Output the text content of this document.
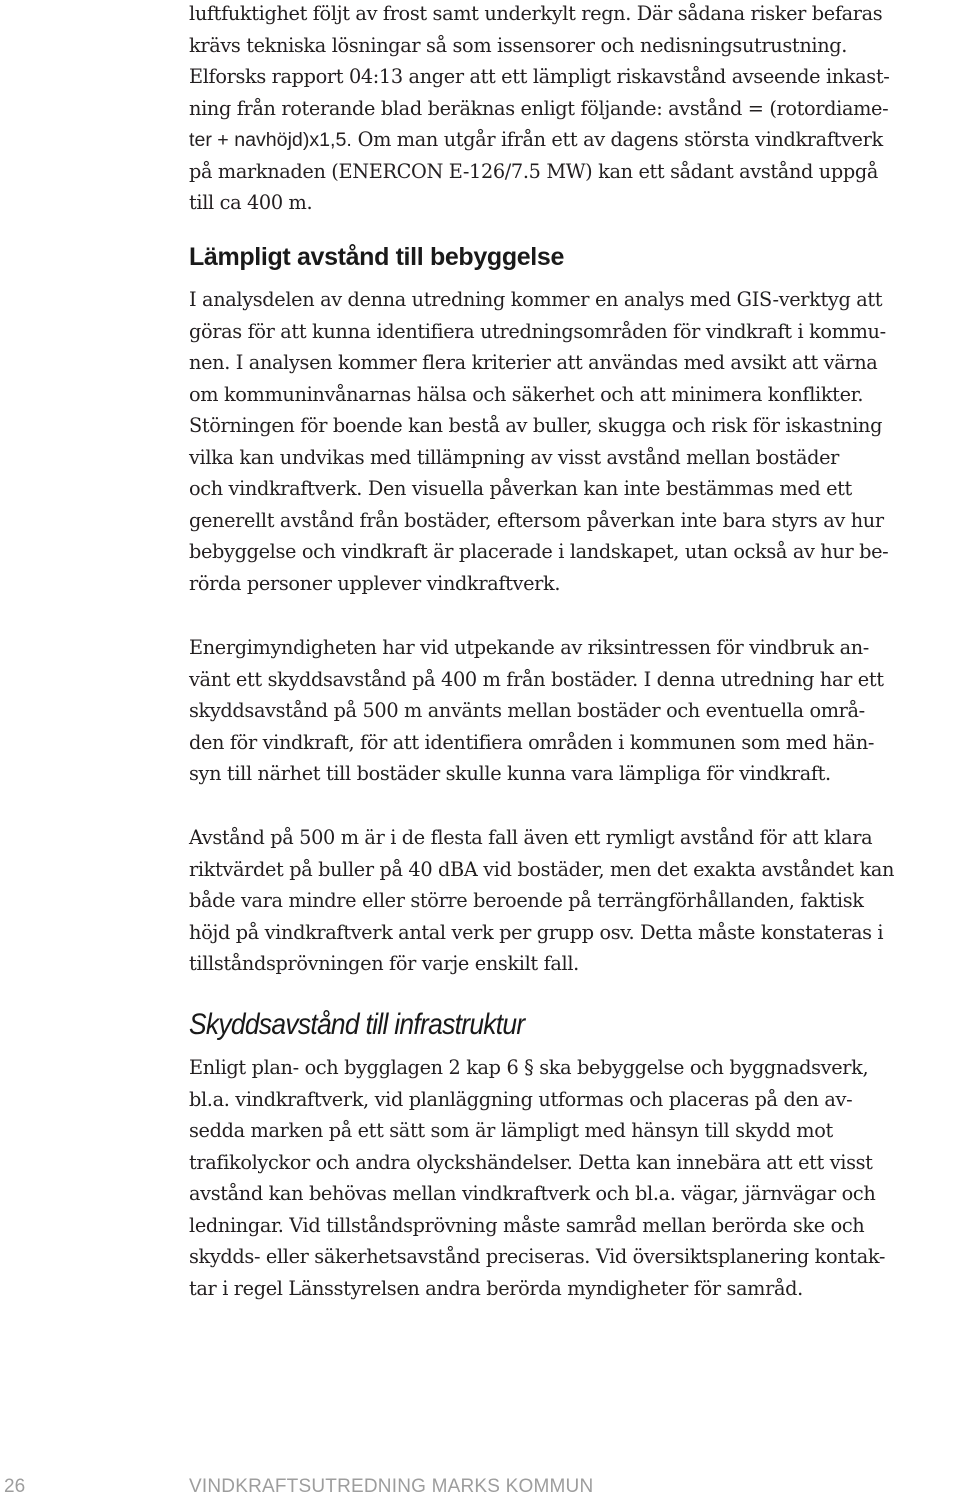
luftfuktighet följt av frost samt underkylt regn. Där sådana risker befaras
krävs tekniska lösningar så som issensorer och nedisningsutrustning.
Elforsks rapport 04:13 anger att ett lämpligt riskavstånd avseende inkast-
ning från roterande blad beräknas enligt följande: avstånd = (rotordiame-
ter + navhöjd)x1,5. Om man utgår ifrån ett av dagens största vindkraftverk
på marknaden (ENERCON E-126/7.5 MW) kan ett sådant avstånd uppgå
till ca 400 m.
Lämpligt avstånd till bebyggelse
I analysdelen av denna utredning kommer en analys med GIS-verktyg att
göras för att kunna identifiera utredningsområden för vindkraft i kommu-
nen. I analysen kommer flera kriterier att användas med avsikt att värna
om kommuninvånarnas hälsa och säkerhet och att minimera konflikter.
Störningen för boende kan bestå av buller, skugga och risk för iskastning
vilka kan undvikas med tillämpning av visst avstånd mellan bostäder
och vindkraftverk. Den visuella påverkan kan inte bestämmas med ett
generellt avstånd från bostäder, eftersom påverkan inte bara styrs av hur
bebyggelse och vindkraft är placerade i landskapet, utan också av hur be-
rörda personer upplever vindkraftverk.
Energimyndigheten har vid utpekande av riksintressen för vindbruk an-
vänt ett skyddsavstånd på 400 m från bostäder. I denna utredning har ett
skyddsavstånd på 500 m använts mellan bostäder och eventuella områ-
den för vindkraft, för att identifiera områden i kommunen som med hän-
syn till närhet till bostäder skulle kunna vara lämpliga för vindkraft.
Avstånd på 500 m är i de flesta fall även ett rymligt avstånd för att klara
riktvärdet på buller på 40 dBA vid bostäder, men det exakta avståndet kan
både vara mindre eller större beroende på terrängförhållanden, faktisk
höjd på vindkraftverk antal verk per grupp osv. Detta måste konstateras i
tillståndsprövningen för varje enskilt fall.
Skyddsavstånd till infrastruktur
Enligt plan- och bygglagen 2 kap 6 § ska bebyggelse och byggnadsverk,
bl.a. vindkraftverk, vid planläggning utformas och placeras på den av-
sedda marken på ett sätt som är lämpligt med hänsyn till skydd mot
trafikolyckor och andra olyckshändelser. Detta kan innebära att ett visst
avstånd kan behövas mellan vindkraftverk och bl.a. vägar, järnvägar och
ledningar. Vid tillståndsprövning måste samråd mellan berörda ske och
skydds- eller säkerhetsavstånd preciseras. Vid översiktsplanering kontak-
tar i regel Länsstyrelsen andra berörda myndigheter för samråd.
26	VINDKRAFTSUTREDNING MARKS KOMMUN
